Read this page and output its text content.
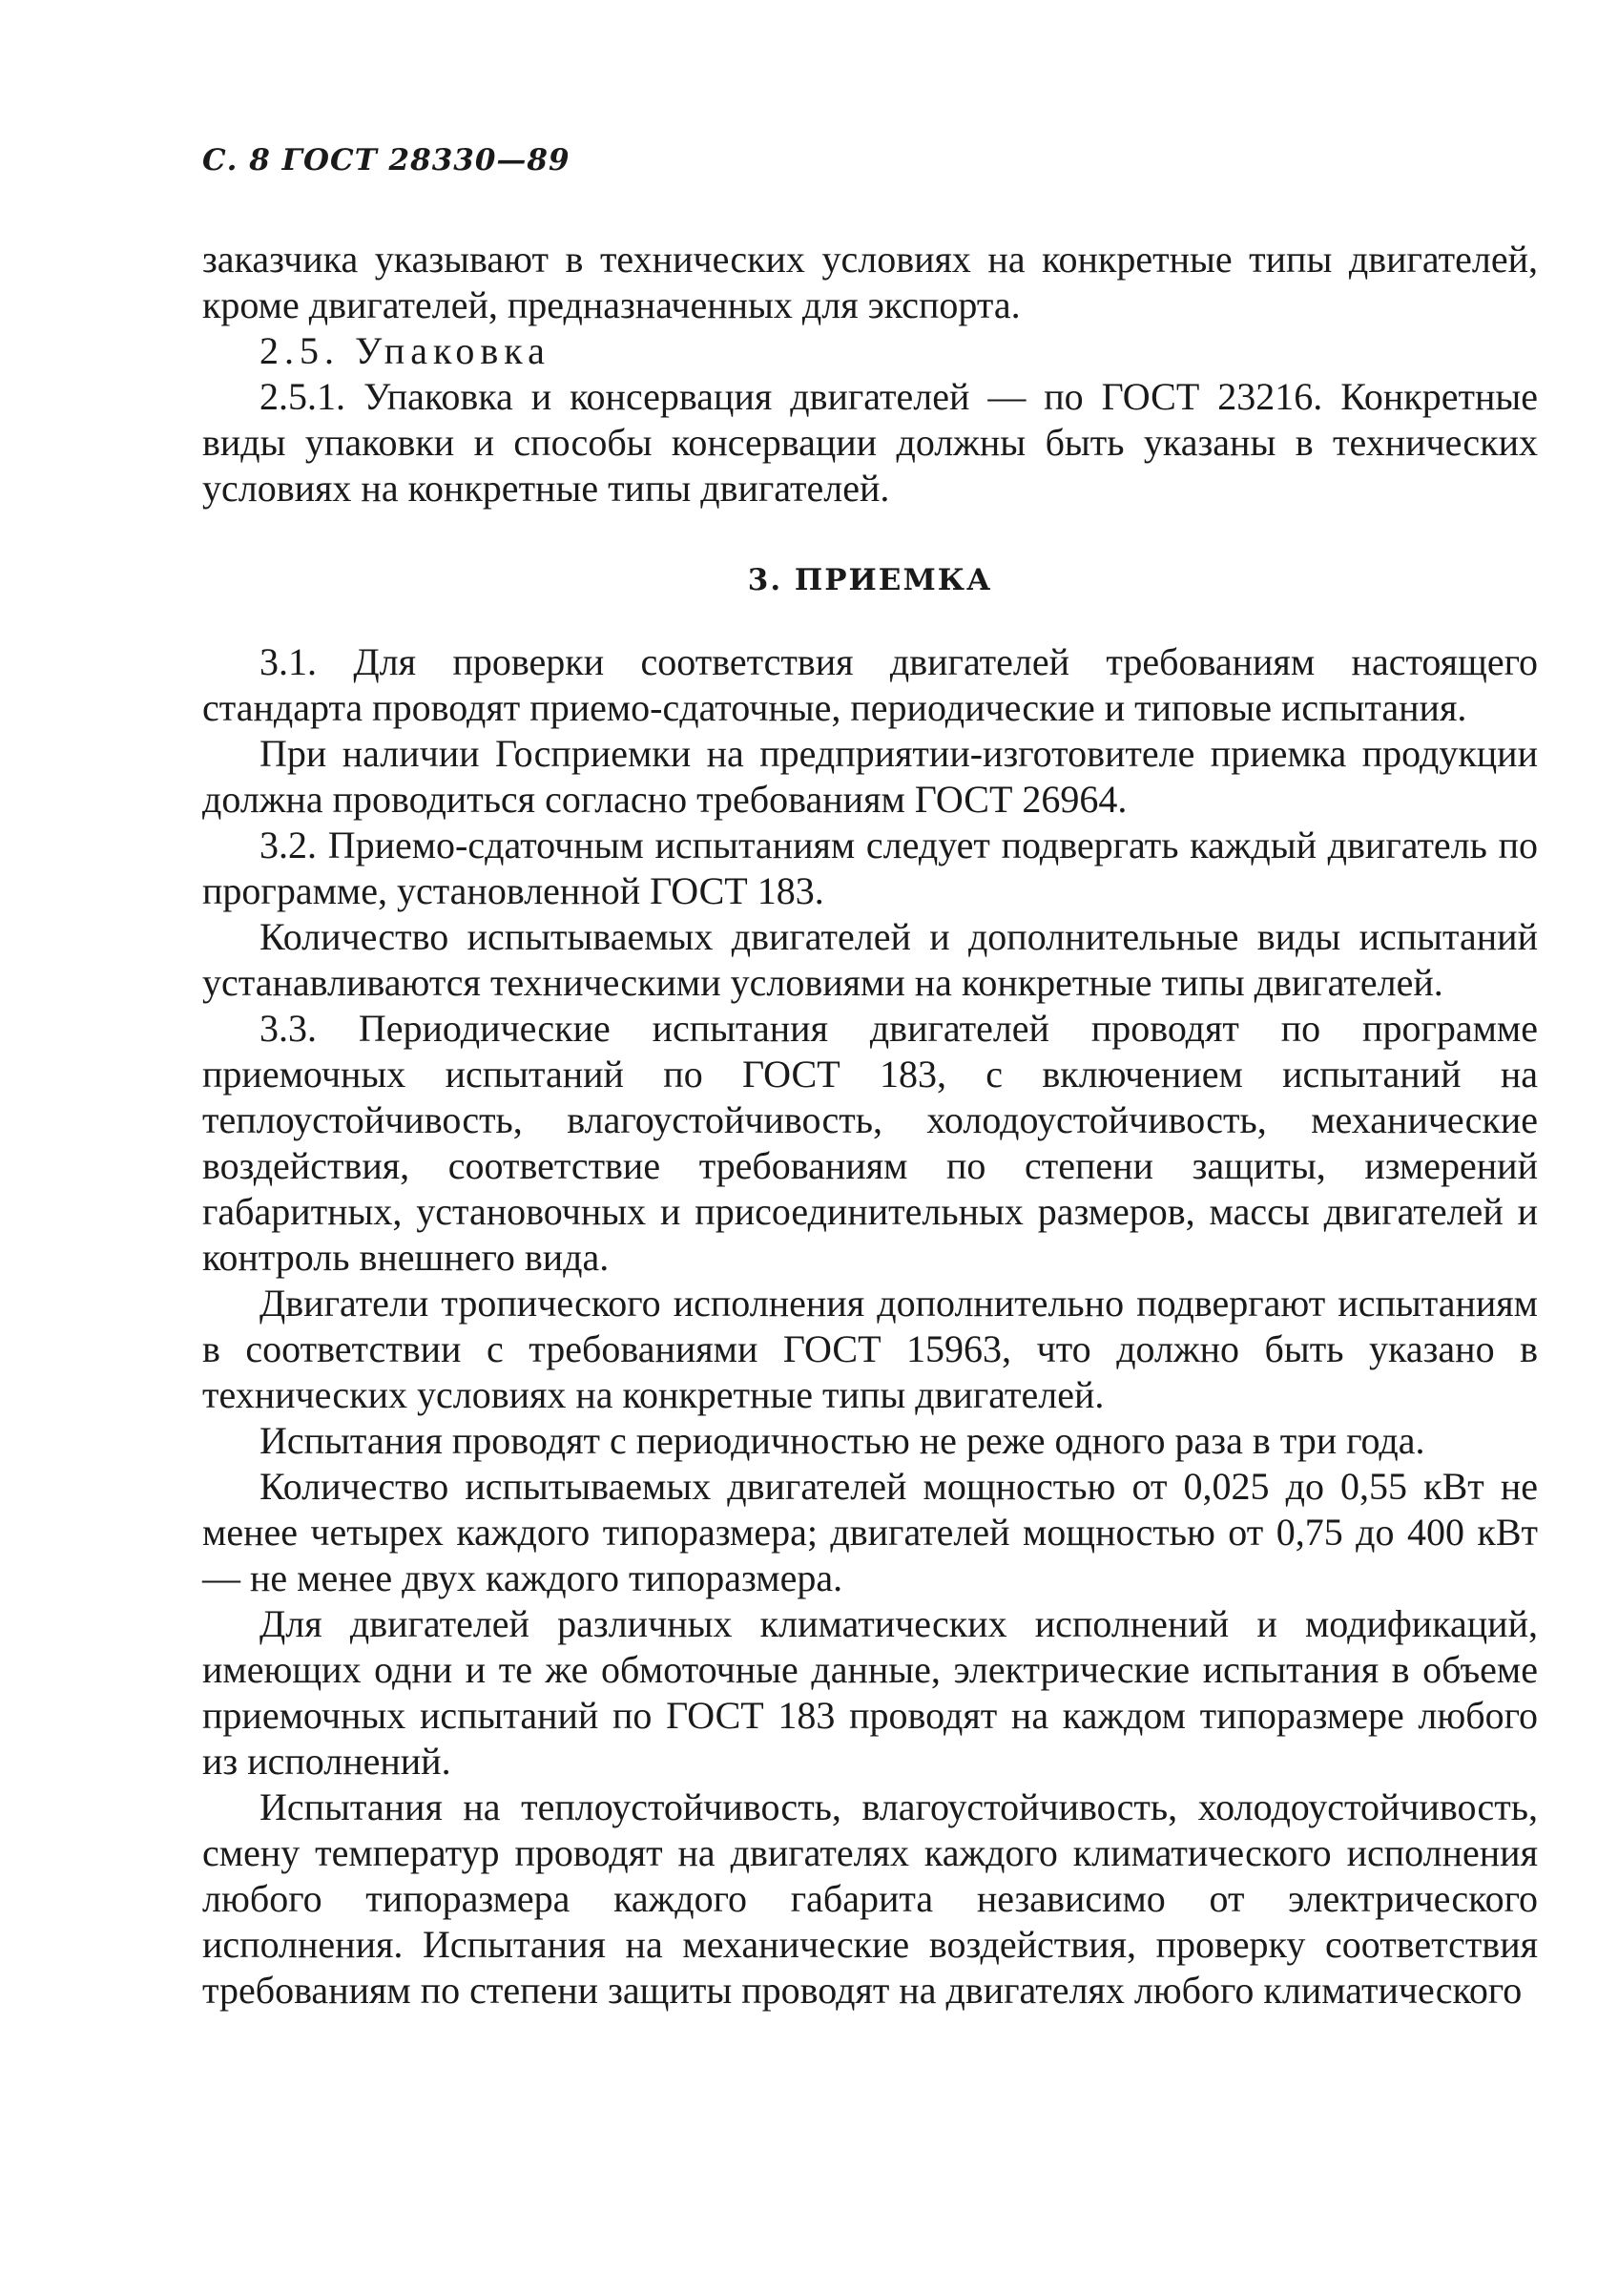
С. 8 ГОСТ 28330—89

заказчика указывают в технических условиях на конкретные типы двигателей, кроме двигателей, предназначенных для экспорта.

2.5. Упаковка

2.5.1. Упаковка и консервация двигателей — по ГОСТ 23216. Конкретные виды упаковки и способы консервации должны быть указаны в технических условиях на конкретные типы двигателей.

3. ПРИЕМКА

3.1. Для проверки соответствия двигателей требованиям настоящего стандарта проводят приемо-сдаточные, периодические и типовые испытания.

При наличии Госприемки на предприятии-изготовителе приемка продукции должна проводиться согласно требованиям ГОСТ 26964.

3.2. Приемо-сдаточным испытаниям следует подвергать каждый двигатель по программе, установленной ГОСТ 183.

Количество испытываемых двигателей и дополнительные виды испытаний устанавливаются техническими условиями на конкретные типы двигателей.

3.3. Периодические испытания двигателей проводят по программе приемочных испытаний по ГОСТ 183, с включением испытаний на теплоустойчивость, влагоустойчивость, холодоустойчивость, механические воздействия, соответствие требованиям по степени защиты, измерений габаритных, установочных и присоединительных размеров, массы двигателей и контроль внешнего вида.

Двигатели тропического исполнения дополнительно подвергают испытаниям в соответствии с требованиями ГОСТ 15963, что должно быть указано в технических условиях на конкретные типы двигателей.

Испытания проводят с периодичностью не реже одного раза в три года.

Количество испытываемых двигателей мощностью от 0,025 до 0,55 кВт не менее четырех каждого типоразмера; двигателей мощностью от 0,75 до 400 кВт — не менее двух каждого типоразмера.

Для двигателей различных климатических исполнений и модификаций, имеющих одни и те же обмоточные данные, электрические испытания в объеме приемочных испытаний по ГОСТ 183 проводят на каждом типоразмере любого из исполнений.

Испытания на теплоустойчивость, влагоустойчивость, холодоустойчивость, смену температур проводят на двигателях каждого климатического исполнения любого типоразмера каждого габарита независимо от электрического исполнения. Испытания на механические воздействия, проверку соответствия требованиям по степени защиты проводят на двигателях любого климатического
